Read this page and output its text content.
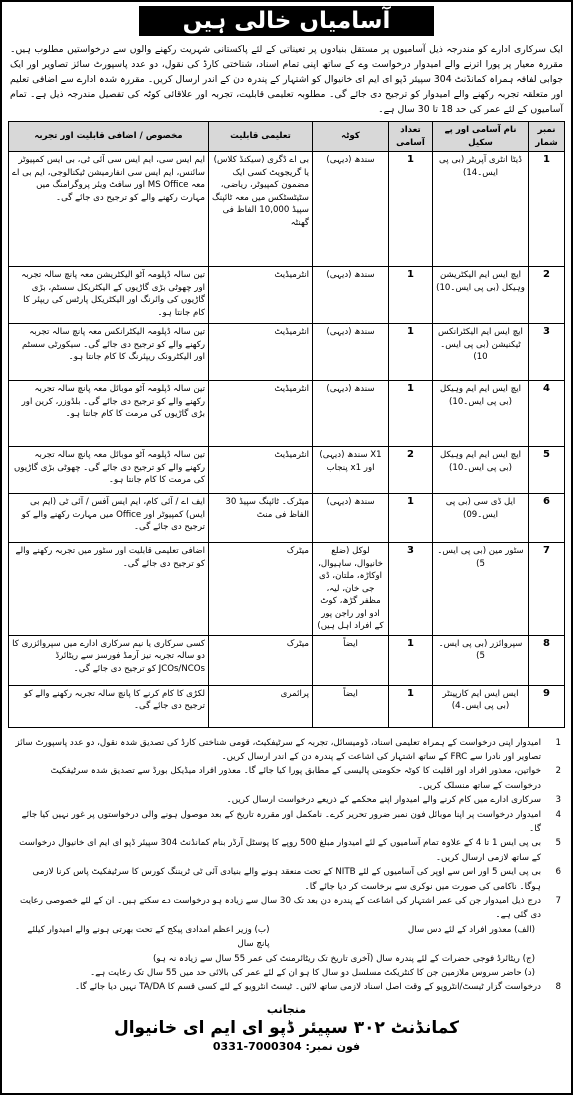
آسامیاں خالی ہیں
ایک سرکاری ادارے کو مندرجہ ذیل آسامیوں پر مستقل بنیادوں پر تعیناتی کے لئے پاکستانی شہریت رکھنے والوں سے درخواستیں مطلوب ہیں۔ مقررہ معیار پر پورا اترنے والے امیدوار درخواست وے کے ساتھ اپنی تمام اسناد، شناختی کارڈ کی نقول، دو عدد پاسپورٹ سائز تصاویر اور ایک جوابی لفافہ ہمراہ کمانڈنٹ 304 سپیئر ڈپو ای ایم ای خانیوال کو اشتہار کے پندرہ دن کے اندر ارسال کریں۔ مقررہ شدہ ادارے سے اضافی تعلیم اور متعلقہ تجربہ رکھنے والے امیدوار کو ترجیح دی جائے گی۔ مطلوبہ تعلیمی قابلیت، تجربہ اور علاقائی کوٹہ کی تفصیل مندرجہ ذیل ہے۔ تمام آسامیوں کے لئے عمر کی حد 18 تا 30 سال ہے۔
نمبر شمار	نام آسامی اور پے سکیل	تعداد آسامی	کوٹہ	تعلیمی قابلیت	مخصوص / اضافی قابلیت اور تجربہ
1	ڈیٹا انٹری آپریٹر (بی پی ایس۔14)	1	سندھ (دیہی)	بی اے ڈگری (سیکنڈ کلاس) یا گریجویٹ کسی ایک مضمون کمپیوٹر، ریاضی، سٹیٹسٹکس میں معہ ٹائپنگ سپیڈ 10,000 الفاظ فی گھنٹہ	ایم ایس سی، ایم ایس سی آئی ٹی، بی ایس کمپیوٹر سائنس، ایم ایس سی انفارمیشن ٹیکنالوجی، ایم بی اے معہ MS Office اور سافٹ ویئر پروگرامنگ میں مہارت رکھنے والے کو ترجیح دی جائے گی۔
2	ایچ ایس ایم الیکٹریشن وہیکل (بی پی ایس۔10)	1	سندھ (دیہی)	انٹرمیڈیٹ	تین سالہ ڈپلومہ آٹو الیکٹریشن معہ پانچ سالہ تجربہ اور چھوٹی بڑی گاڑیوں کے الیکٹریکل سسٹم، بڑی گاڑیوں کی وائرنگ اور الیکٹریکل پارٹس کی ریپئر کا کام جانتا ہو۔
3	ایچ ایس ایم الیکٹرانکس ٹیکنیشن (بی پی ایس۔10)	1	سندھ (دیہی)	انٹرمیڈیٹ	تین سالہ ڈپلومہ الیکٹرانکس معہ پانچ سالہ تجربہ رکھنے والے کو ترجیح دی جائے گی۔ سیکورٹی سسٹم اور الیکٹرونک ریپئرنگ کا کام جانتا ہو۔
4	ایچ ایس ایم ایم وہیکل (بی پی ایس۔10)	1	سندھ (دیہی)	انٹرمیڈیٹ	تین سالہ ڈپلومہ آٹو موبائل معہ پانچ سالہ تجربہ رکھنے والے کو ترجیح دی جائے گی۔ بلڈوزر، کرین اور بڑی گاڑیوں کی مرمت کا کام جانتا ہو۔
5	ایچ ایس ایم ایم وہیکل (بی پی ایس۔10)	2	X1 سندھ (دیہی) اور x1 پنجاب	انٹرمیڈیٹ	تین سالہ ڈپلومہ آٹو موبائل معہ پانچ سالہ تجربہ رکھنے والے کو ترجیح دی جائے گی۔ چھوٹی بڑی گاڑیوں کی مرمت کا کام جانتا ہو۔
6	ایل ڈی سی (بی پی ایس۔09)	1	سندھ (دیہی)	میٹرک۔ ٹائپنگ سپیڈ 30 الفاظ فی منٹ	ایف اے / آئی کام، ایم ایس آفس / آئی ٹی (ایم بی ایس) کمپیوٹر اور Office میں مہارت رکھنے والے کو ترجیح دی جائے گی۔
7	سٹور مین (بی پی ایس۔5)	3	لوکل (ضلع خانیوال، ساہیوال، اوکاڑہ، ملتان، ڈی جی خان، لیہ، مظفر گڑھ، کوٹ ادو اور راجن پور کے افراد اہل ہیں)	میٹرک	اضافی تعلیمی قابلیت اور سٹور میں تجربہ رکھنے والے کو ترجیح دی جائے گی۔
8	سپروائزر (بی پی ایس۔5)	1	ایضاً	میٹرک	کسی سرکاری یا نیم سرکاری ادارے میں سپروائزری کا دو سالہ تجربہ نیز آرمڈ فورسز سے ریٹائرڈ JCOs/NCOs کو ترجیح دی جائے گی۔
9	ایس ایس ایم کارپینٹر (بی پی ایس۔4)	1	ایضاً	پرائمری	لکڑی کا کام کرنے کا پانچ سالہ تجربہ رکھنے والے کو ترجیح دی جائے گی۔
1
امیدوار اپنی درخواست کے ہمراہ تعلیمی اسناد، ڈومیسائل، تجربہ کے سرٹیفکیٹ، قومی شناختی کارڈ کی تصدیق شدہ نقول، دو عدد پاسپورٹ سائز تصاویر اور نادرا سے FRC کے ساتھ اشتہار کی اشاعت کے پندرہ دن کے اندر ارسال کریں۔
2
خواتین، معذور افراد اور اقلیت کا کوٹہ حکومتی پالیسی کے مطابق پورا کیا جائے گا۔ معذور افراد میڈیکل بورڈ سے تصدیق شدہ سرٹیفکیٹ درخواست کے ساتھ منسلک کریں۔
3
سرکاری ادارے میں کام کرنے والے امیدوار اپنے محکمے کے ذریعے درخواست ارسال کریں۔
4
امیدوار درخواست پر اپنا موبائل فون نمبر ضرور تحریر کرے۔ نامکمل اور مقررہ تاریخ کے بعد موصول ہونے والی درخواستوں پر غور نہیں کیا جائے گا۔
5
بی پی ایس 1 تا 4 کے علاوہ تمام آسامیوں کے لئے امیدوار مبلغ 500 روپے کا پوسٹل آرڈر بنام کمانڈنٹ 304 سپیئر ڈپو ای ایم ای خانیوال درخواست کے ساتھ لازمی ارسال کریں۔
6
بی پی ایس 5 اور اس سے اوپر کی آسامیوں کے لئے NITB کے تحت منعقد ہونے والے بنیادی آئی ٹی ٹریننگ کورس کا سرٹیفکیٹ پاس کرنا لازمی ہوگا۔ ناکامی کی صورت میں نوکری سے برخاست کر دیا جائے گا۔
7
درج ذیل امیدوار جن کی عمر اشتہار کی اشاعت کے پندرہ دن بعد تک 30 سال سے زیادہ ہو درخواست دے سکتے ہیں۔ ان کے لئے خصوصی رعایت دی گئی ہے۔
(الف) معذور افراد کے لئے دس سال
(ب) وزیر اعظم امدادی پیکج کے تحت بھرتی ہونے والے امیدوار کیلئے پانچ سال
(ج) ریٹائرڈ فوجی حضرات کے لئے پندرہ سال (آخری تاریخ تک ریٹائرمنٹ کی عمر 55 سال سے زیادہ نہ ہو)
(د) حاضر سروس ملازمین جن کا کنٹریکٹ مسلسل دو سال کا ہو ان کے لئے عمر کی بالائی حد میں 55 سال تک رعایت ہے۔
8
درخواست گزار ٹیسٹ/انٹرویو کے وقت اصل اسناد لازمی ساتھ لائیں۔ ٹیسٹ انٹرویو کے لئے کسی قسم کا TA/DA نہیں دیا جائے گا۔
منجانب
کمانڈنٹ ۳۰۲ سپیئر ڈپو ای ایم ای خانیوال
فون نمبر: 0331-7000304
